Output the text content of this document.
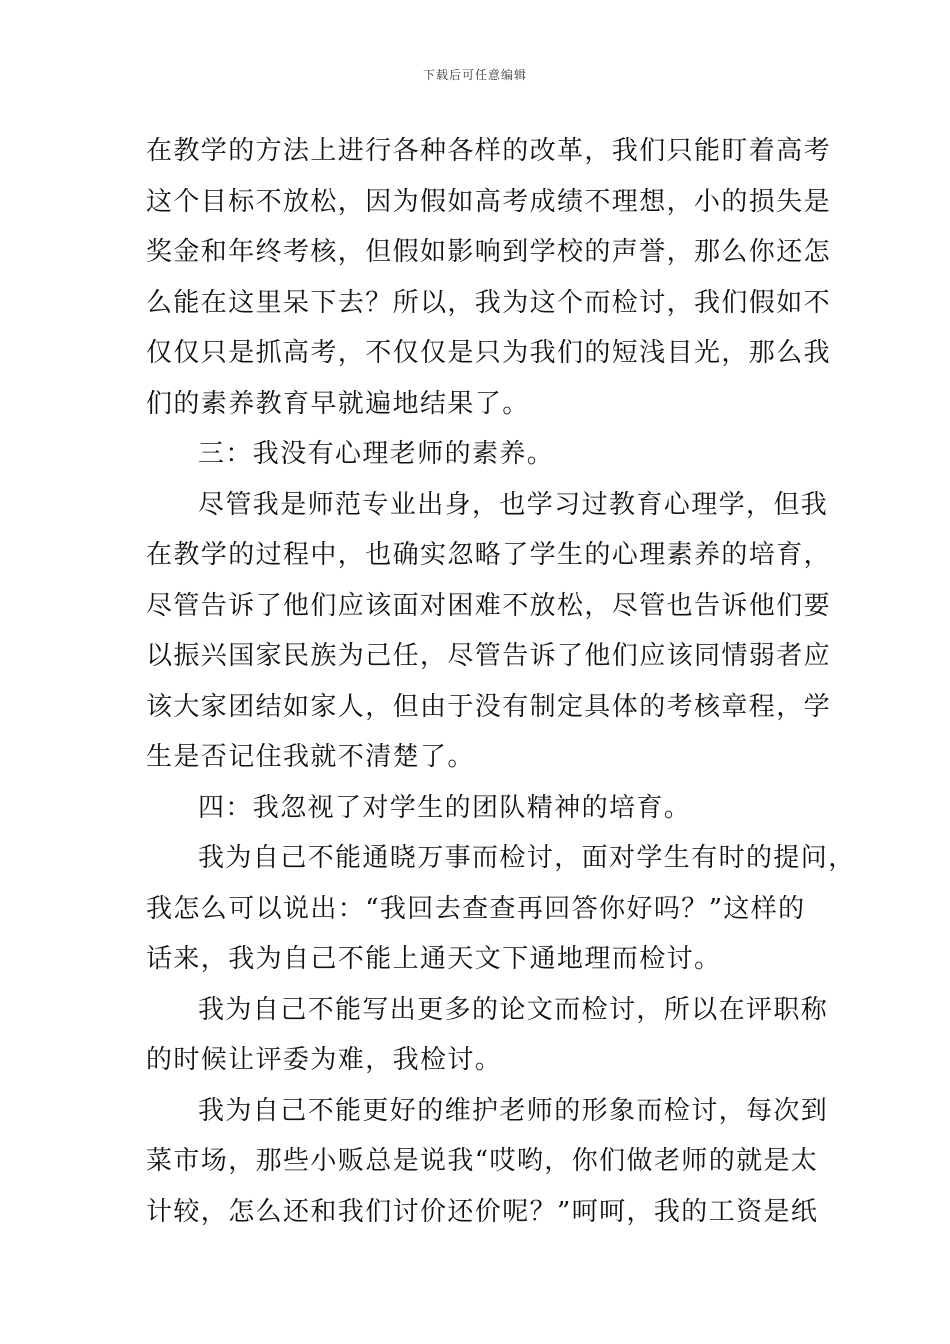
下载后可任意编辑
在教学的方法上进行各种各样的改革，我们只能盯着高考
这个目标不放松，因为假如高考成绩不理想，小的损失是
奖金和年终考核，但假如影响到学校的声誉，那么你还怎
么能在这里呆下去？所以，我为这个而检讨，我们假如不
仅仅只是抓高考，不仅仅是只为我们的短浅目光，那么我
们的素养教育早就遍地结果了。
三：我没有心理老师的素养。
尽管我是师范专业出身，也学习过教育心理学，但我
在教学的过程中，也确实忽略了学生的心理素养的培育，
尽管告诉了他们应该面对困难不放松，尽管也告诉他们要
以振兴国家民族为己任，尽管告诉了他们应该同情弱者应
该大家团结如家人，但由于没有制定具体的考核章程，学
生是否记住我就不清楚了。
四：我忽视了对学生的团队精神的培育。
我为自己不能通晓万事而检讨，面对学生有时的提问，
我怎么可以说出：“我回去查查再回答你好吗？”这样的
话来，我为自己不能上通天文下通地理而检讨。
我为自己不能写出更多的论文而检讨，所以在评职称
的时候让评委为难，我检讨。
我为自己不能更好的维护老师的形象而检讨，每次到
菜市场，那些小贩总是说我“哎哟，你们做老师的就是太
计较，怎么还和我们讨价还价呢？”呵呵，我的工资是纸
